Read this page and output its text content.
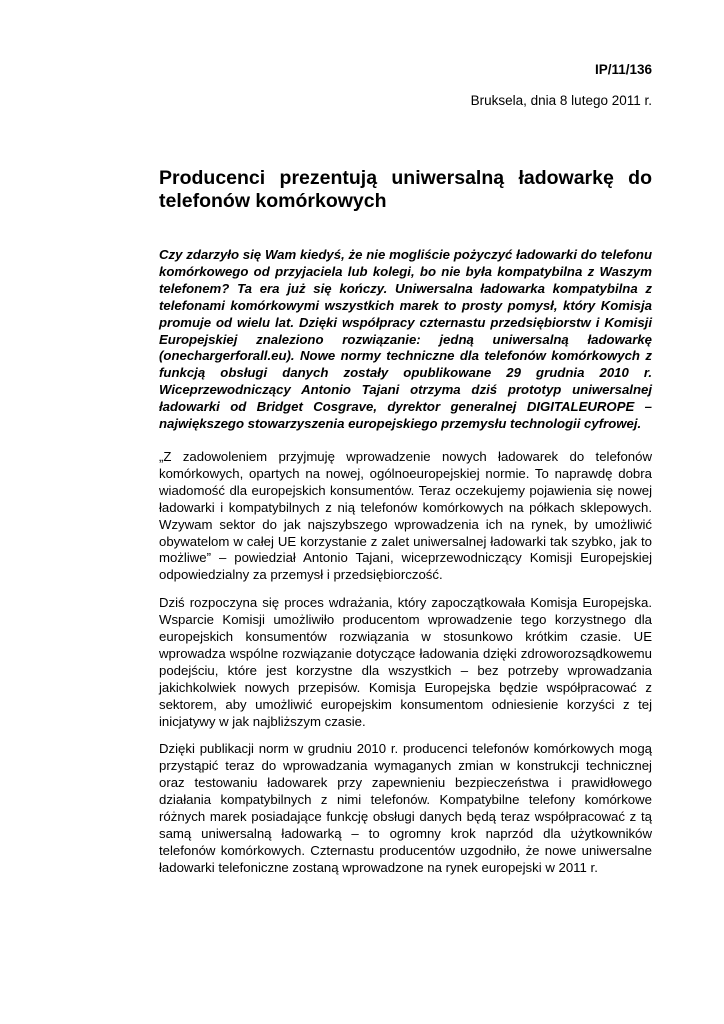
IP/11/136
Bruksela, dnia 8 lutego 2011 r.
Producenci prezentują uniwersalną ładowarkę do telefonów komórkowych

Czy zdarzyło się Wam kiedyś, że nie mogliście pożyczyć ładowarki do telefonu komórkowego od przyjaciela lub kolegi, bo nie była kompatybilna z Waszym telefonem? Ta era już się kończy. Uniwersalna ładowarka kompatybilna z telefonami komórkowymi wszystkich marek to prosty pomysł, który Komisja promuje od wielu lat. Dzięki współpracy czternastu przedsiębiorstw i Komisji Europejskiej znaleziono rozwiązanie: jedną uniwersalną ładowarkę (onechargerforall.eu). Nowe normy techniczne dla telefonów komórkowych z funkcją obsługi danych zostały opublikowane 29 grudnia 2010 r. Wiceprzewodniczący Antonio Tajani otrzyma dziś prototyp uniwersalnej ładowarki od Bridget Cosgrave, dyrektor generalnej DIGITALEUROPE – największego stowarzyszenia europejskiego przemysłu technologii cyfrowej.

„Z zadowoleniem przyjmuję wprowadzenie nowych ładowarek do telefonów komórkowych, opartych na nowej, ogólnoeuropejskiej normie. To naprawdę dobra wiadomość dla europejskich konsumentów. Teraz oczekujemy pojawienia się nowej ładowarki i kompatybilnych z nią telefonów komórkowych na półkach sklepowych. Wzywam sektor do jak najszybszego wprowadzenia ich na rynek, by umożliwić obywatelom w całej UE korzystanie z zalet uniwersalnej ładowarki tak szybko, jak to możliwe” – powiedział Antonio Tajani, wiceprzewodniczący Komisji Europejskiej odpowiedzialny za przemysł i przedsiębiorczość.

Dziś rozpoczyna się proces wdrażania, który zapoczątkowała Komisja Europejska. Wsparcie Komisji umożliwiło producentom wprowadzenie tego korzystnego dla europejskich konsumentów rozwiązania w stosunkowo krótkim czasie. UE wprowadza wspólne rozwiązanie dotyczące ładowania dzięki zdroworozsądkowemu podejściu, które jest korzystne dla wszystkich – bez potrzeby wprowadzania jakichkolwiek nowych przepisów. Komisja Europejska będzie współpracować z sektorem, aby umożliwić europejskim konsumentom odniesienie korzyści z tej inicjatywy w jak najbliższym czasie.

Dzięki publikacji norm w grudniu 2010 r. producenci telefonów komórkowych mogą przystąpić teraz do wprowadzania wymaganych zmian w konstrukcji technicznej oraz testowaniu ładowarek przy zapewnieniu bezpieczeństwa i prawidłowego działania kompatybilnych z nimi telefonów. Kompatybilne telefony komórkowe różnych marek posiadające funkcję obsługi danych będą teraz współpracować z tą samą uniwersalną ładowarką – to ogromny krok naprzód dla użytkowników telefonów komórkowych. Czternastu producentów uzgodniło, że nowe uniwersalne ładowarki telefoniczne zostaną wprowadzone na rynek europejski w 2011 r.
